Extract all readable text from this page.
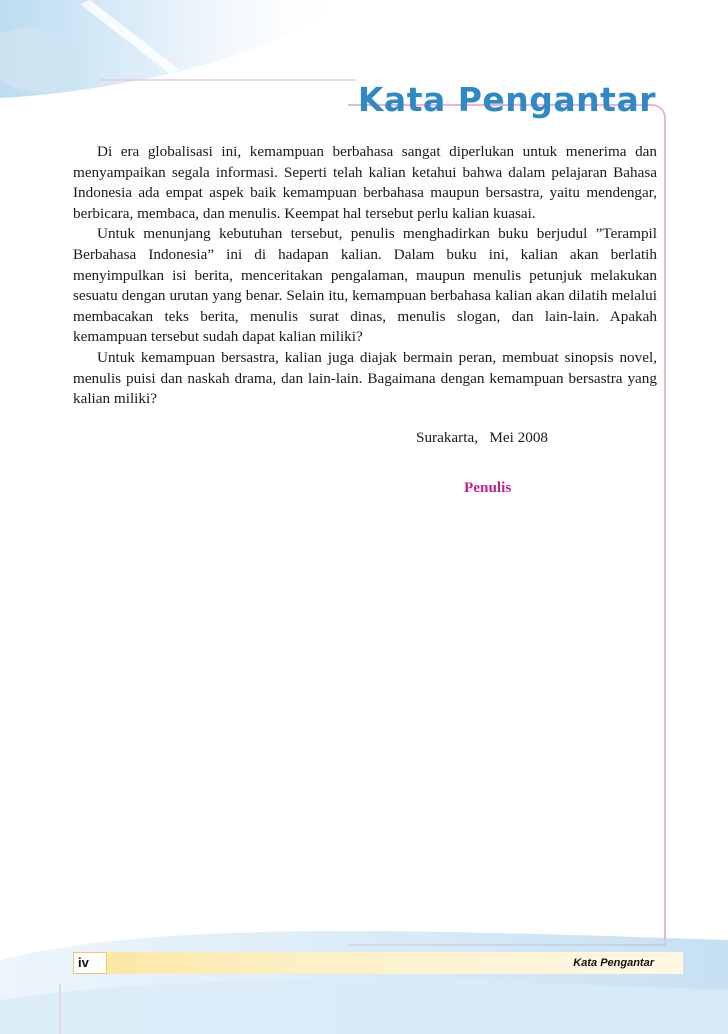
Kata Pengantar

Di era globalisasi ini, kemampuan berbahasa sangat diperlukan untuk menerima dan menyampaikan segala informasi. Seperti telah kalian ketahui bahwa dalam pelajaran Bahasa Indonesia ada empat aspek baik kemampuan berbahasa maupun bersastra, yaitu mendengar, berbicara, membaca, dan menulis. Keempat hal tersebut perlu kalian kuasai.

Untuk menunjang kebutuhan tersebut, penulis menghadirkan buku berjudul ”Terampil Berbahasa Indonesia” ini di hadapan kalian. Dalam buku ini, kalian akan berlatih menyimpulkan isi berita, menceritakan pengalaman, maupun menulis petunjuk melakukan sesuatu dengan urutan yang benar. Selain itu, kemampuan berbahasa kalian akan dilatih melalui membacakan teks berita, menulis surat dinas, menulis slogan, dan lain-lain. Apakah kemampuan tersebut sudah dapat kalian miliki?

Untuk kemampuan bersastra, kalian juga diajak bermain peran, membuat sinopsis novel, menulis puisi dan naskah drama, dan lain-lain. Bagaimana dengan kemampuan bersastra yang kalian miliki?

Surakarta,   Mei 2008
Penulis
iv	Kata Pengantar
